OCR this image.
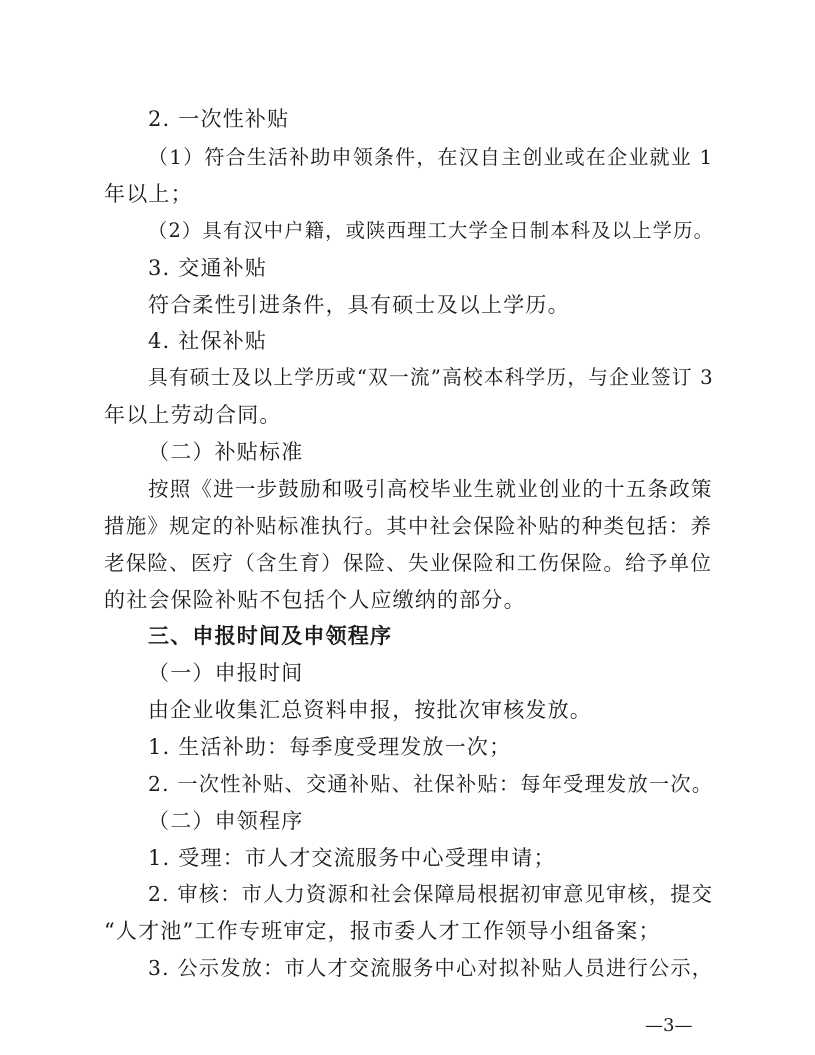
2. 一次性补贴

（1）符合生活补助申领条件，在汉自主创业或在企业就业 1

年以上；

（2）具有汉中户籍，或陕西理工大学全日制本科及以上学历。

3. 交通补贴

符合柔性引进条件，具有硕士及以上学历。

4. 社保补贴

具有硕士及以上学历或“双一流”高校本科学历，与企业签订 3

年以上劳动合同。

（二）补贴标准

按照《进一步鼓励和吸引高校毕业生就业创业的十五条政策

措施》规定的补贴标准执行。其中社会保险补贴的种类包括：养

老保险、医疗（含生育）保险、失业保险和工伤保险。给予单位

的社会保险补贴不包括个人应缴纳的部分。

三、申报时间及申领程序

（一）申报时间

由企业收集汇总资料申报，按批次审核发放。

1. 生活补助：每季度受理发放一次；

2. 一次性补贴、交通补贴、社保补贴：每年受理发放一次。

（二）申领程序

1. 受理：市人才交流服务中心受理申请；

2. 审核：市人力资源和社会保障局根据初审意见审核，提交

“人才池”工作专班审定，报市委人才工作领导小组备案；

3. 公示发放：市人才交流服务中心对拟补贴人员进行公示，

—3—
